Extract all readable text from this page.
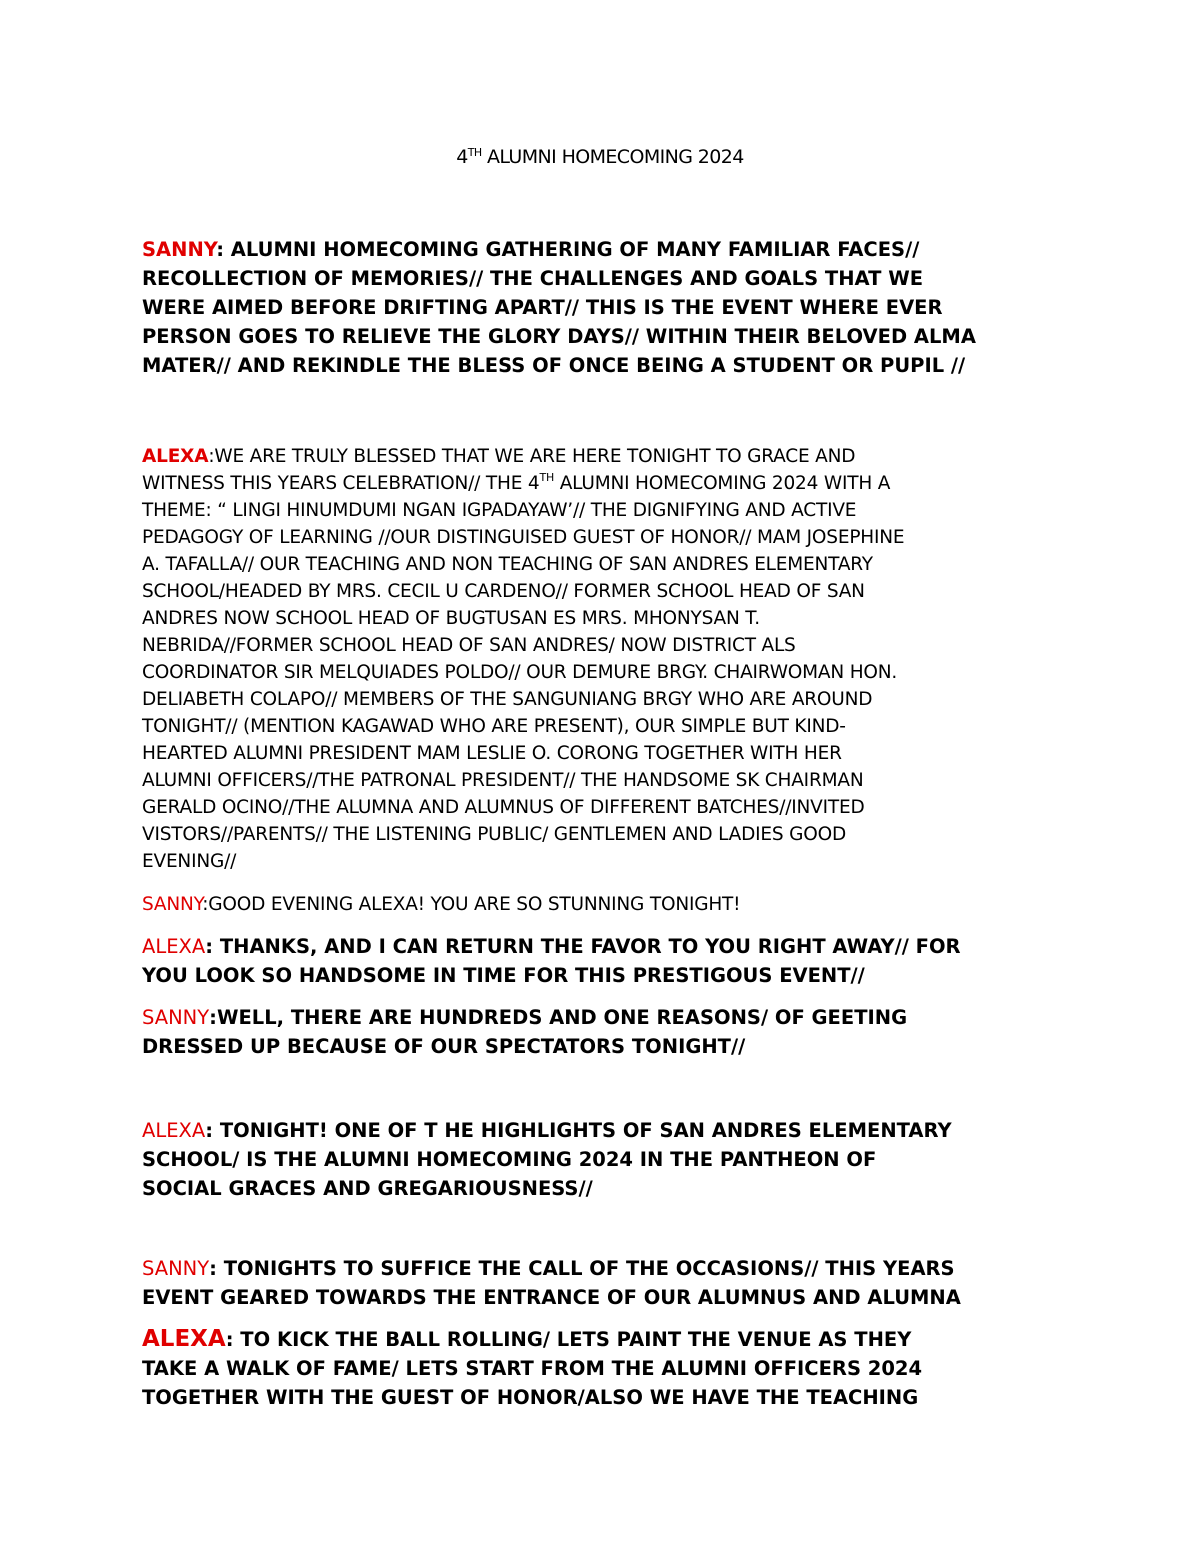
4TH ALUMNI HOMECOMING 2024
SANNY: ALUMNI HOMECOMING GATHERING OF MANY FAMILIAR FACES//
RECOLLECTION OF MEMORIES// THE CHALLENGES AND GOALS THAT WE
WERE AIMED BEFORE DRIFTING APART// THIS IS THE EVENT WHERE EVER
PERSON GOES TO RELIEVE THE GLORY DAYS// WITHIN THEIR BELOVED ALMA
MATER// AND REKINDLE THE BLESS OF ONCE BEING A STUDENT OR PUPIL //
ALEXA:WE ARE TRULY BLESSED THAT WE ARE HERE TONIGHT TO GRACE AND
WITNESS THIS YEARS CELEBRATION// THE 4TH ALUMNI HOMECOMING 2024 WITH A
THEME: “ LINGI HINUMDUMI NGAN IGPADAYAW’// THE DIGNIFYING AND ACTIVE
PEDAGOGY OF LEARNING //OUR DISTINGUISED GUEST OF HONOR// MAM JOSEPHINE
A. TAFALLA// OUR TEACHING AND NON TEACHING OF SAN ANDRES ELEMENTARY
SCHOOL/HEADED BY MRS. CECIL U CARDENO// FORMER SCHOOL HEAD OF SAN
ANDRES NOW SCHOOL HEAD OF BUGTUSAN ES MRS. MHONYSAN T.
NEBRIDA//FORMER SCHOOL HEAD OF SAN ANDRES/ NOW DISTRICT ALS
COORDINATOR SIR MELQUIADES POLDO// OUR DEMURE BRGY. CHAIRWOMAN HON.
DELIABETH COLAPO// MEMBERS OF THE SANGUNIANG BRGY WHO ARE AROUND
TONIGHT// (MENTION KAGAWAD WHO ARE PRESENT), OUR SIMPLE BUT KIND-
HEARTED ALUMNI PRESIDENT MAM LESLIE O. CORONG TOGETHER WITH HER
ALUMNI OFFICERS//THE PATRONAL PRESIDENT// THE HANDSOME SK CHAIRMAN
GERALD OCINO//THE ALUMNA AND ALUMNUS OF DIFFERENT BATCHES//INVITED
VISTORS//PARENTS// THE LISTENING PUBLIC/ GENTLEMEN AND LADIES GOOD
EVENING//
SANNY:GOOD EVENING ALEXA! YOU ARE SO STUNNING TONIGHT!
ALEXA: THANKS, AND I CAN RETURN THE FAVOR TO YOU RIGHT AWAY// FOR
YOU LOOK SO HANDSOME IN TIME FOR THIS PRESTIGOUS EVENT//
SANNY:WELL, THERE ARE HUNDREDS AND ONE REASONS/ OF GEETING
DRESSED UP BECAUSE OF OUR SPECTATORS TONIGHT//
ALEXA: TONIGHT! ONE OF T HE HIGHLIGHTS OF SAN ANDRES ELEMENTARY
SCHOOL/ IS THE ALUMNI HOMECOMING 2024 IN THE PANTHEON OF
SOCIAL GRACES AND GREGARIOUSNESS//
SANNY: TONIGHTS TO SUFFICE THE CALL OF THE OCCASIONS// THIS YEARS
EVENT GEARED TOWARDS THE ENTRANCE OF OUR ALUMNUS AND ALUMNA
ALEXA: TO KICK THE BALL ROLLING/ LETS PAINT THE VENUE AS THEY
TAKE A WALK OF FAME/ LETS START FROM THE ALUMNI OFFICERS 2024
TOGETHER WITH THE GUEST OF HONOR/ALSO WE HAVE THE TEACHING
